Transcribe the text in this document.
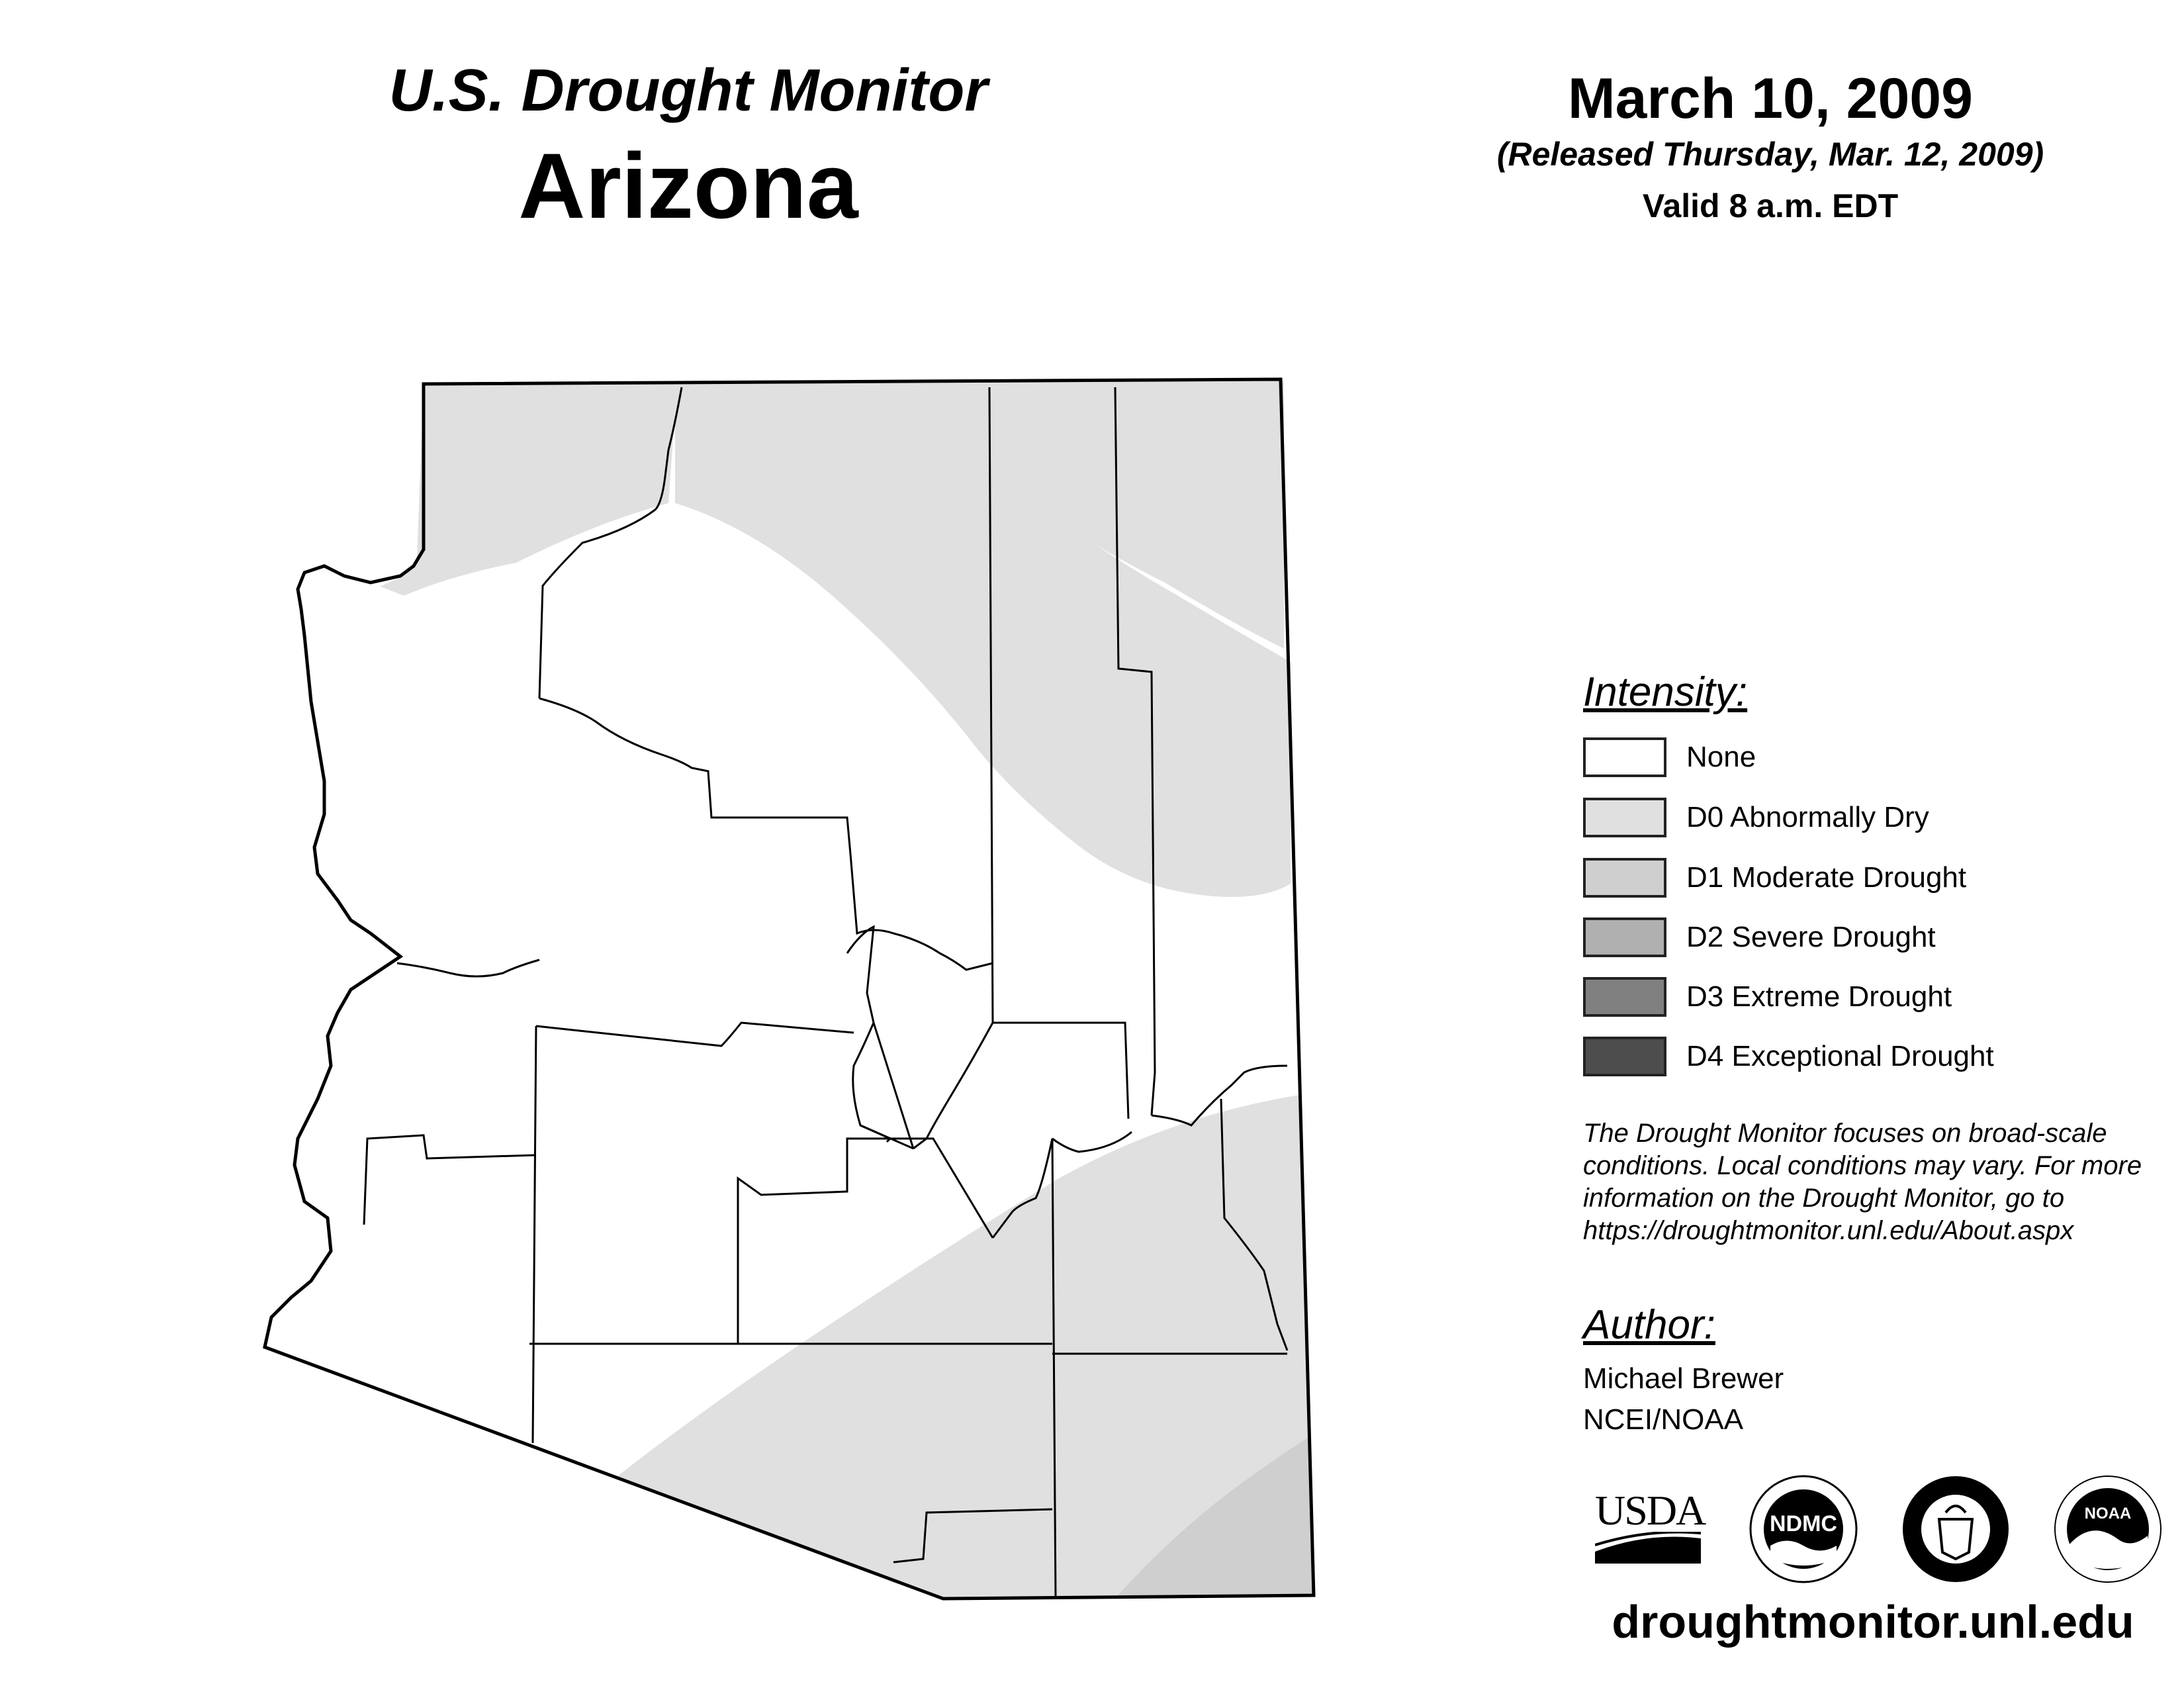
U.S. Drought Monitor
Arizona
March 10, 2009
(Released Thursday, Mar. 12, 2009)
Valid 8 a.m. EDT
Intensity:
None
D0 Abnormally Dry
D1 Moderate Drought
D2 Severe Drought
D3 Extreme Drought
D4 Exceptional Drought
The Drought Monitor focuses on broad-scale
conditions. Local conditions may vary. For more
information on the Drought Monitor, go to
https://droughtmonitor.unl.edu/About.aspx
Author:
Michael Brewer
NCEI/NOAA
USDA	NDMC	NOAA
droughtmonitor.unl.edu
